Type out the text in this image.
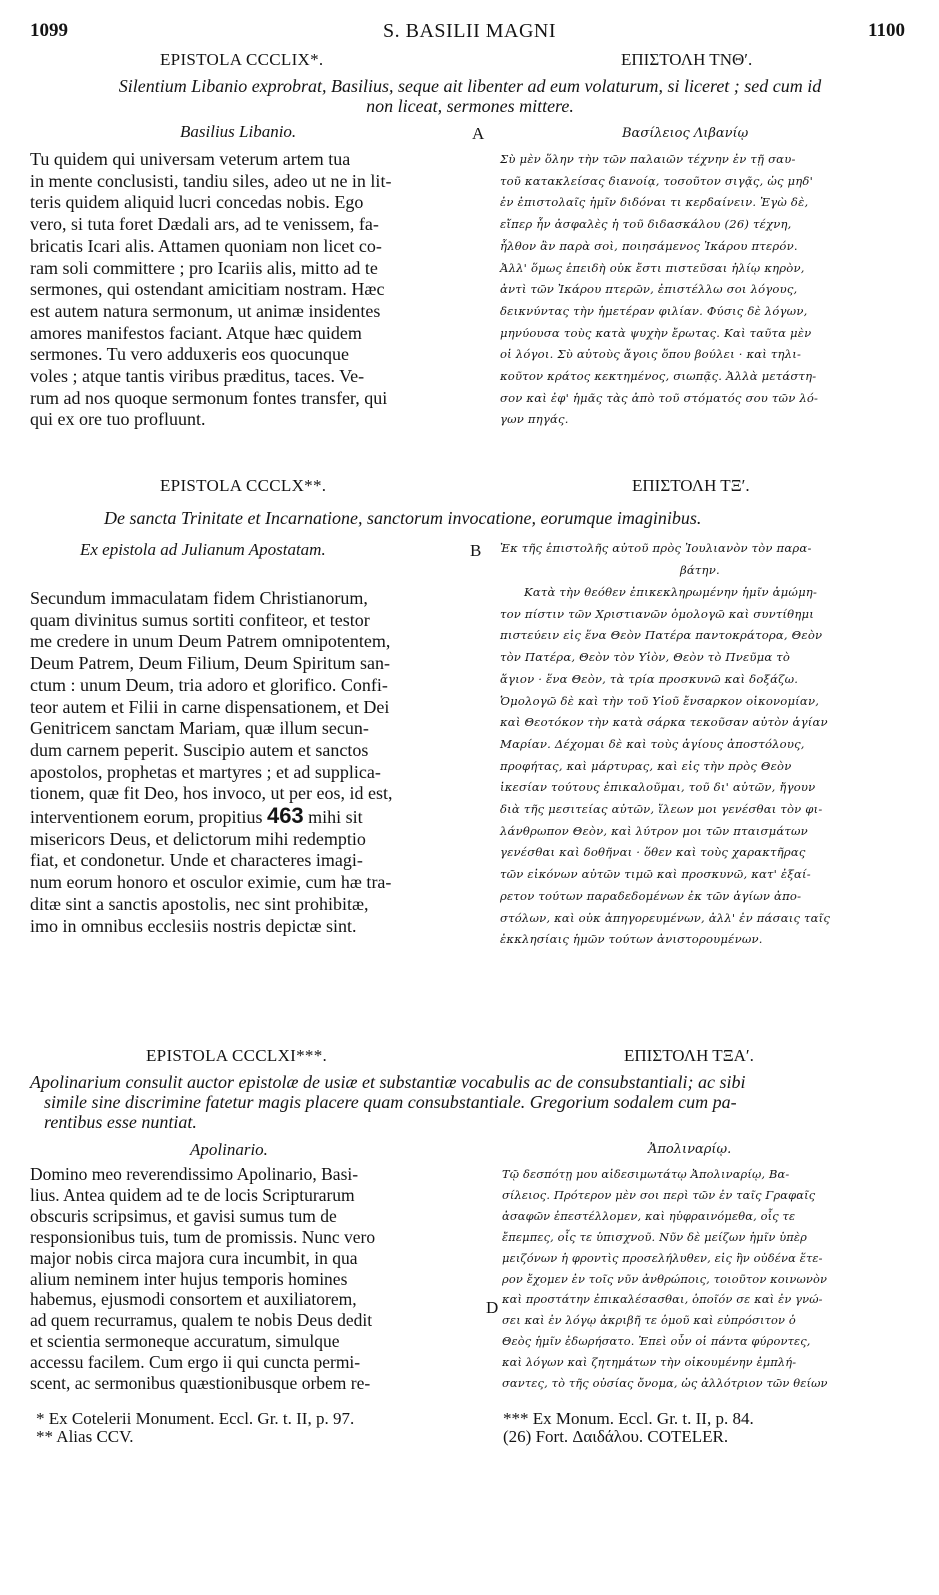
1099	S. BASILII MAGNI	1100
EPISTOLA CCCLIX*.	ΕΠΙΣΤΟΛΗ ΤΝΘʹ.
Silentium Libanio exprobrat, Basilius, seque ait libenter ad eum volaturum, si liceret ; sed cum id
non liceat, sermones mittere.
Basilius Libanio.	A	Βασίλειος Λιβανίῳ
Tu quidem qui universam veterum artem tua
in mente conclusisti, tandiu siles, adeo ut ne in lit-
teris quidem aliquid lucri concedas nobis. Ego
vero, si tuta foret Dædali ars, ad te venissem, fa-
bricatis Icari alis. Attamen quoniam non licet co-
ram soli committere ; pro Icariis alis, mitto ad te
sermones, qui ostendant amicitiam nostram. Hæc
est autem natura sermonum, ut animæ insidentes
amores manifestos faciant. Atque hæc quidem
sermones. Tu vero adduxeris eos quocunque
voles ; atque tantis viribus præditus, taces. Ve-
rum ad nos quoque sermonum fontes transfer, qui
qui ex ore tuo profluunt.
Σὺ μὲν ὅλην τὴν τῶν παλαιῶν τέχνην ἐν τῇ σαυ-
τοῦ κατακλείσας διανοίᾳ, τοσοῦτον σιγᾷς, ὡς μηδ'
ἐν ἐπιστολαῖς ἡμῖν διδόναι τι κερδαίνειν. Ἐγὼ δὲ,
εἴπερ ἦν ἀσφαλὲς ἡ τοῦ διδασκάλου (26) τέχνη,
ἦλθον ἂν παρὰ σοὶ, ποιησάμενος Ἰκάρου πτερόν.
Ἀλλ' ὅμως ἐπειδὴ οὐκ ἔστι πιστεῦσαι ἡλίῳ κηρὸν,
ἀντὶ τῶν Ἰκάρου πτερῶν, ἐπιστέλλω σοι λόγους,
δεικνύντας τὴν ἡμετέραν φιλίαν. Φύσις δὲ λόγων,
μηνύουσα τοὺς κατὰ ψυχὴν ἔρωτας. Καὶ ταῦτα μὲν
οἱ λόγοι. Σὺ αὐτοὺς ἄγοις ὅπου βούλει · καὶ τηλι-
κοῦτον κράτος κεκτημένος, σιωπᾷς. Ἀλλὰ μετάστη-
σον καὶ ἐφ' ἡμᾶς τὰς ἀπὸ τοῦ στόματός σου τῶν λό-
γων πηγάς.
EPISTOLA CCCLX**.	ΕΠΙΣΤΟΛΗ ΤΞʹ.
De sancta Trinitate et Incarnatione, sanctorum invocatione, eorumque imaginibus.
Ex epistola ad Julianum Apostatam.	B Ἐκ τῆς ἐπιστολῆς αὐτοῦ πρὸς Ἰουλιανὸν τὸν παρα-
βάτην.
Secundum immaculatam fidem Christianorum,
quam divinitus sumus sortiti confiteor, et testor
me credere in unum Deum Patrem omnipotentem,
Deum Patrem, Deum Filium, Deum Spiritum san-
ctum : unum Deum, tria adoro et glorifico. Confi-
teor autem et Filii in carne dispensationem, et Dei
Genitricem sanctam Mariam, quæ illum secun-
dum carnem peperit. Suscipio autem et sanctos
apostolos, prophetas et martyres ; et ad supplica-
tionem, quæ fit Deo, hos invoco, ut per eos, id est,
interventionem eorum, propitius 463 mihi sit
misericors Deus, et delictorum mihi redemptio
fiat, et condonetur. Unde et characteres imagi-
num eorum honoro et osculor eximie, cum hæ tra-
ditæ sint a sanctis apostolis, nec sint prohibitæ,
imo in omnibus ecclesiis nostris depictæ sint.
Κατὰ τὴν θεόθεν ἐπικεκληρωμένην ἡμῖν ἀμώμη-
τον πίστιν τῶν Χριστιανῶν ὁμολογῶ καὶ συντίθημι
πιστεύειν εἰς ἕνα Θεὸν Πατέρα παντοκράτορα, Θεὸν
τὸν Πατέρα, Θεὸν τὸν Υἱὸν, Θεὸν τὸ Πνεῦμα τὸ
ἅγιον · ἕνα Θεὸν, τὰ τρία προσκυνῶ καὶ δοξάζω.
Ὁμολογῶ δὲ καὶ τὴν τοῦ Υἱοῦ ἔνσαρκον οἰκονομίαν,
καὶ Θεοτόκον τὴν κατὰ σάρκα τεκοῦσαν αὐτὸν ἁγίαν
Μαρίαν. Δέχομαι δὲ καὶ τοὺς ἁγίους ἀποστόλους,
προφήτας, καὶ μάρτυρας, καὶ εἰς τὴν πρὸς Θεὸν
ἱκεσίαν τούτους ἐπικαλοῦμαι, τοῦ δι' αὐτῶν, ἤγουν
διὰ τῆς μεσιτείας αὐτῶν, ἵλεων μοι γενέσθαι τὸν φι-
λάνθρωπον Θεὸν, καὶ λύτρον μοι τῶν πταισμάτων
γενέσθαι καὶ δοθῆναι · ὅθεν καὶ τοὺς χαρακτῆρας
τῶν εἰκόνων αὐτῶν τιμῶ καὶ προσκυνῶ, κατ' ἐξαί-
ρετον τούτων παραδεδομένων ἐκ τῶν ἁγίων ἀπο-
στόλων, καὶ οὐκ ἀπηγορευμένων, ἀλλ' ἐν πάσαις ταῖς
ἐκκλησίαις ἡμῶν τούτων ἀνιστορουμένων.
EPISTOLA CCCLXI***.	ΕΠΙΣΤΟΛΗ ΤΞΑʹ.
Apolinarium consulit auctor epistolæ de usiæ et substantiæ vocabulis ac de consubstantiali; ac sibi
simile sine discrimine fatetur magis placere quam consubstantiale. Gregorium sodalem cum pa-
rentibus esse nuntiat.
Apolinario.	Ἀπολιναρίῳ.
Domino meo reverendissimo Apolinario, Basi-
lius. Antea quidem ad te de locis Scripturarum
obscuris scripsimus, et gavisi sumus tum de
responsionibus tuis, tum de promissis. Nunc vero
major nobis circa majora cura incumbit, in qua
alium neminem inter hujus temporis homines
habemus, ejusmodi consortem et auxiliatorem,
ad quem recurramus, qualem te nobis Deus dedit
et scientia sermoneque accuratum, simulque
accessu facilem. Cum ergo ii qui cuncta permi-
scent, ac sermonibus quæstionibusque orbem re-
D
Τῷ δεσπότῃ μου αἰδεσιμωτάτῳ Ἀπολιναρίῳ, Βα-
σίλειος. Πρότερον μὲν σοι περὶ τῶν ἐν ταῖς Γραφαῖς
ἀσαφῶν ἐπεστέλλομεν, καὶ ηὐφραινόμεθα, οἷς τε
ἔπεμπες, οἷς τε ὑπισχνοῦ. Νῦν δὲ μείζων ἡμῖν ὑπὲρ
μειζόνων ἡ φροντὶς προσελήλυθεν, εἰς ἣν οὐδένα ἕτε-
ρον ἔχομεν ἐν τοῖς νῦν ἀνθρώποις, τοιοῦτον κοινωνὸν
καὶ προστάτην ἐπικαλέσασθαι, ὁποῖόν σε καὶ ἐν γνώ-
σει καὶ ἐν λόγῳ ἀκριβῆ τε ὁμοῦ καὶ εὐπρόσιτον ὁ
Θεὸς ἡμῖν ἐδωρήσατο. Ἐπεὶ οὖν οἱ πάντα φύροντες,
καὶ λόγων καὶ ζητημάτων τὴν οἰκουμένην ἐμπλή-
σαντες, τὸ τῆς οὐσίας ὄνομα, ὡς ἀλλότριον τῶν θείων
* Ex Cotelerii Monument. Eccl. Gr. t. II, p. 97.
** Alias CCV.
*** Ex Monum. Eccl. Gr. t. II, p. 84.
(26) Fort. Δαιδάλου. COTELER.
